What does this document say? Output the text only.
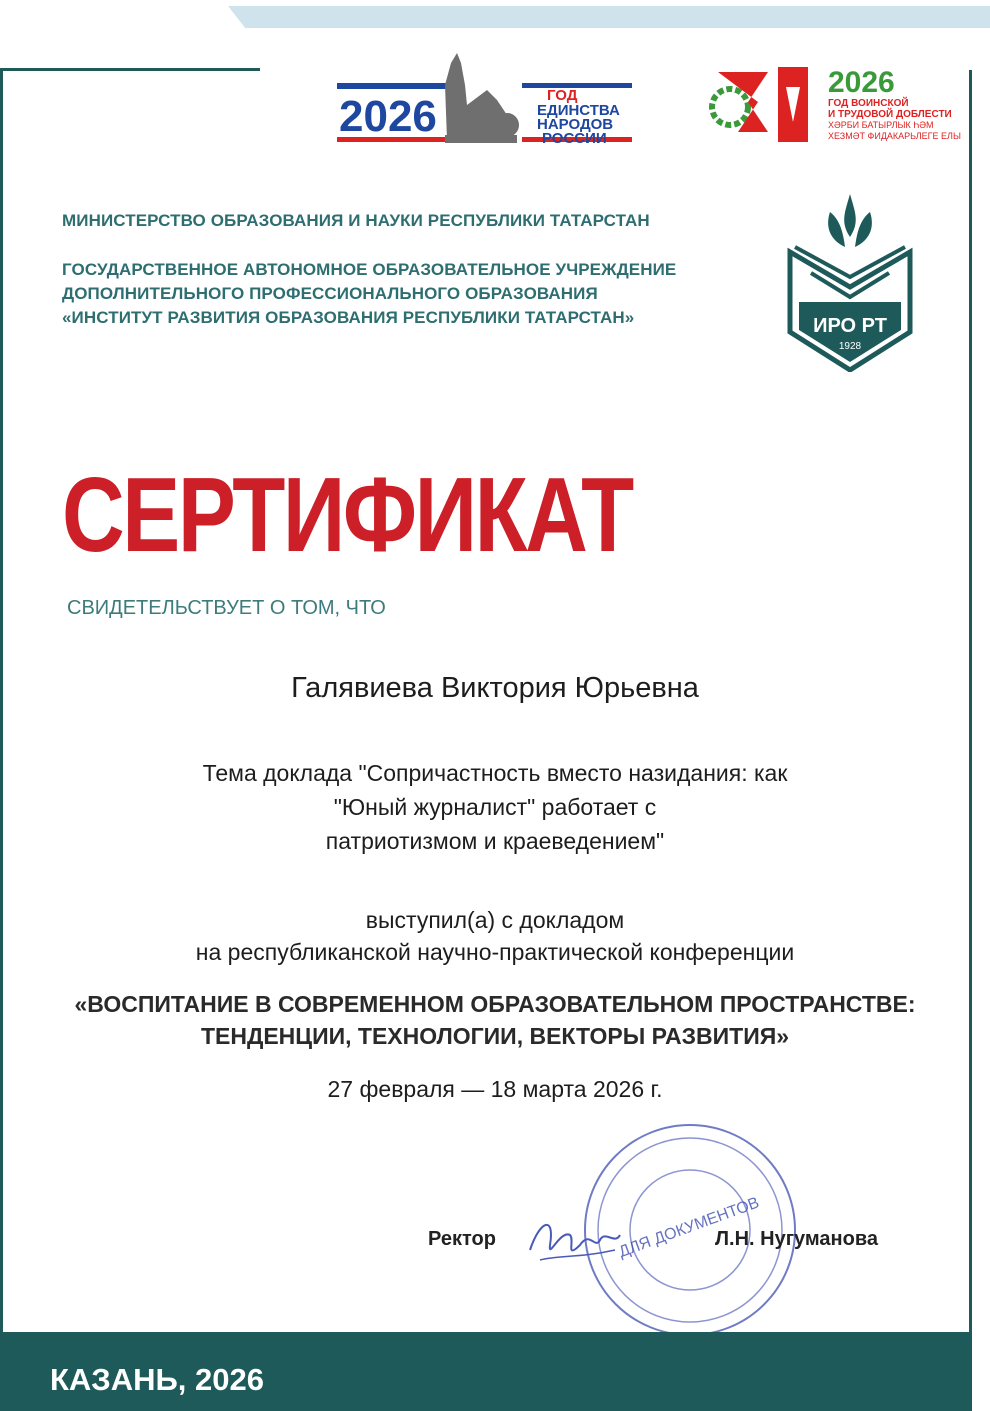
2026	ГОД
ЕДИНСТВА
НАРОДОВ
РОССИИ
2026
ГОД ВОИНСКОЙ
И ТРУДОВОЙ ДОБЛЕСТИ
ХӘРБИ БАТЫРЛЫК ҺӘМ
ХЕЗМӘТ ФИДАКАРЬЛЕГЕ ЕЛЫ
МИНИСТЕРСТВО ОБРАЗОВАНИЯ И НАУКИ РЕСПУБЛИКИ ТАТАРСТАН
ГОСУДАРСТВЕННОЕ АВТОНОМНОЕ ОБРАЗОВАТЕЛЬНОЕ УЧРЕЖДЕНИЕ
ДОПОЛНИТЕЛЬНОГО ПРОФЕССИОНАЛЬНОГО ОБРАЗОВАНИЯ
«ИНСТИТУТ РАЗВИТИЯ ОБРАЗОВАНИЯ РЕСПУБЛИКИ ТАТАРСТАН»	ИРО РТ
1928
СЕРТИФИКАТ
СВИДЕТЕЛЬСТВУЕТ О ТОМ, ЧТО
Галявиева Виктория Юрьевна
Тема доклада "Сопричастность вместо назидания: как
"Юный журналист" работает с
патриотизмом и краеведением"
выступил(а) с докладом
на республиканской научно-практической конференции
«ВОСПИТАНИЕ В СОВРЕМЕННОМ ОБРАЗОВАТЕЛЬНОМ ПРОСТРАНСТВЕ:
ТЕНДЕНЦИИ, ТЕХНОЛОГИИ, ВЕКТОРЫ РАЗВИТИЯ»
27 февраля — 18 марта 2026 г.
ДЛЯ ДОКУМЕНТОВ
Ректор	Л.Н. Нугуманова
КАЗАНЬ, 2026
